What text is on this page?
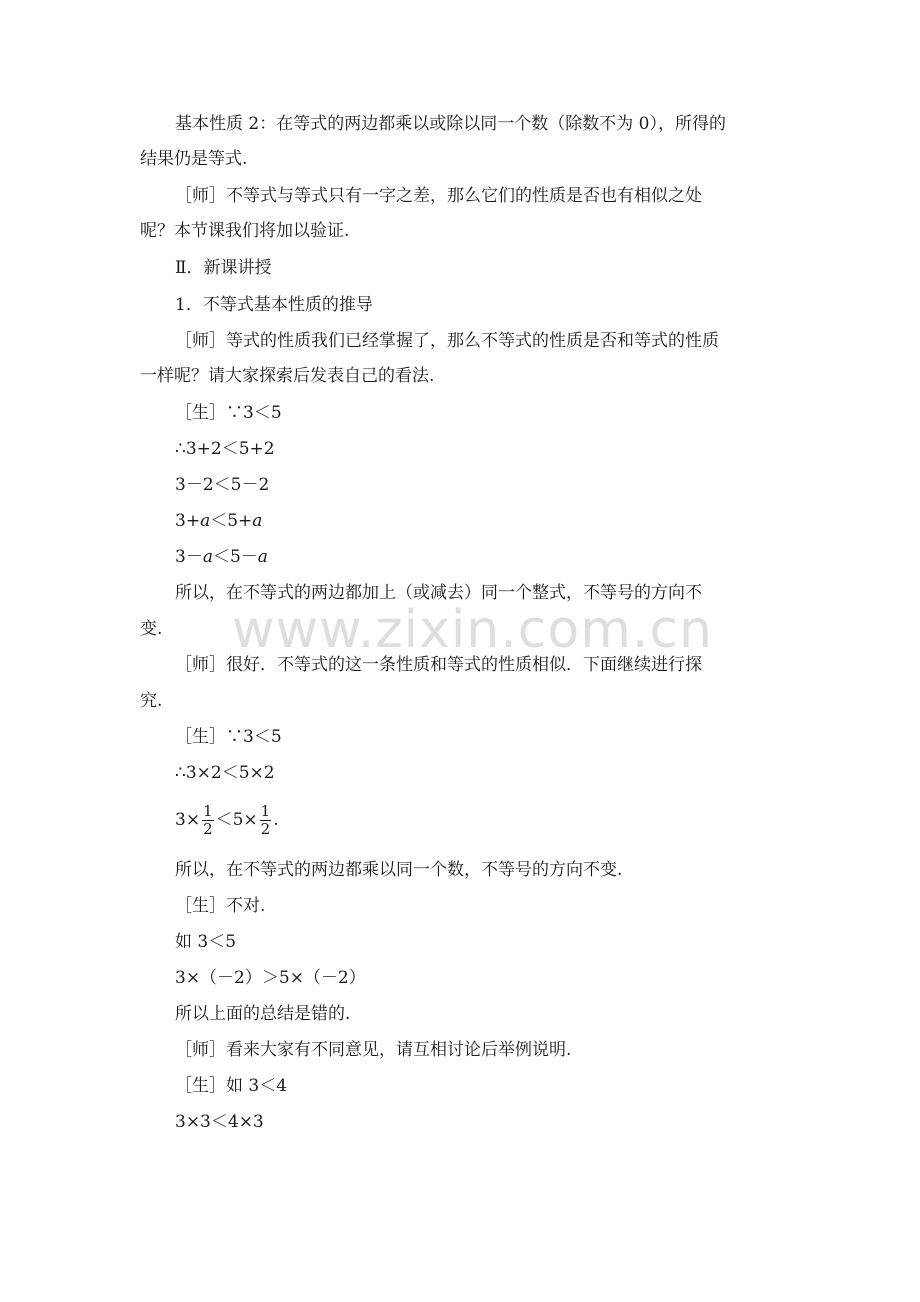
www.zixin.com.cn
基本性质 2：在等式的两边都乘以或除以同一个数（除数不为 0），所得的
结果仍是等式.
［师］不等式与等式只有一字之差，那么它们的性质是否也有相似之处
呢？本节课我们将加以验证.
Ⅱ．新课讲授
1．不等式基本性质的推导
［师］等式的性质我们已经掌握了，那么不等式的性质是否和等式的性质
一样呢？请大家探索后发表自己的看法.
［生］∵3＜5
∴3+2＜5+2
3－2＜5－2
3+a＜5+a
3－a＜5－a
所以，在不等式的两边都加上（或减去）同一个整式，不等号的方向不
变.
［师］很好．不等式的这一条性质和等式的性质相似．下面继续进行探
究.
［生］∵3＜5
∴3×2＜5×2
$3\times \frac{1}{2} <5\times \frac{1}{2}$ .
所以，在不等式的两边都乘以同一个数，不等号的方向不变.
［生］不对.
如 3＜5
3×（－2）＞5×（－2）
所以上面的总结是错的.
［师］看来大家有不同意见，请互相讨论后举例说明.
［生］如 3＜4
3×3＜4×3
